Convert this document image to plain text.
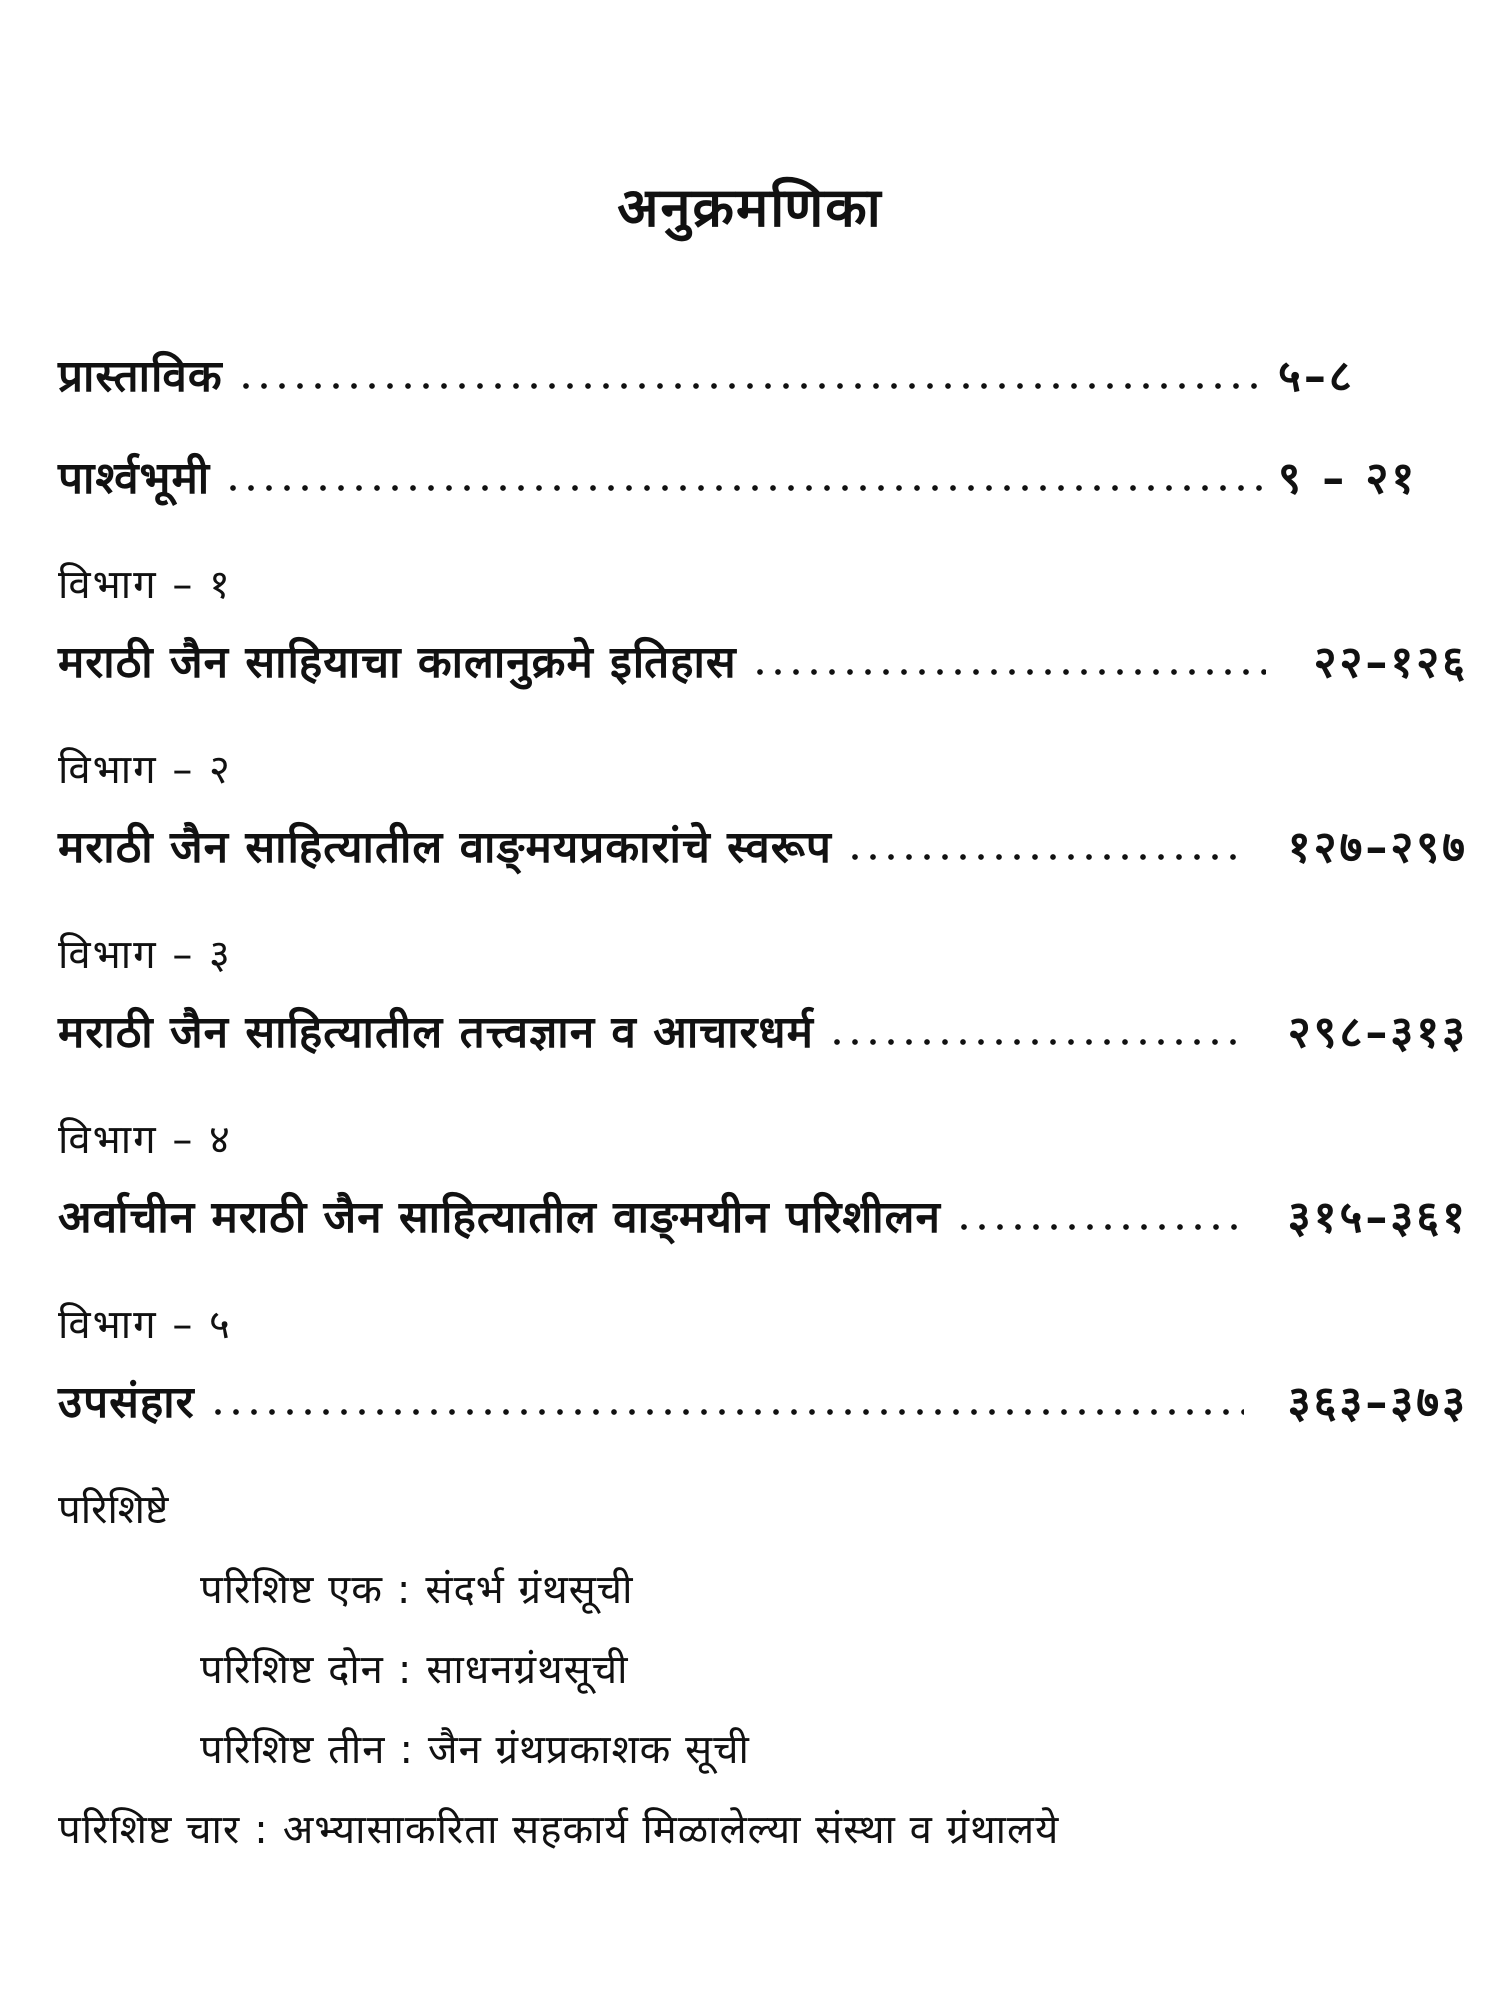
अनुक्रमणिका
प्रास्ताविक	५–८
पार्श्वभूमी	९ – २१
विभाग – १
मराठी जैन साहियाचा कालानुक्रमे इतिहास	२२–१२६
विभाग – २
मराठी जैन साहित्यातील वाङ्‌मयप्रकारांचे स्वरूप	१२७–२९७
विभाग – ३
मराठी जैन साहित्यातील तत्त्वज्ञान व आचारधर्म	२९८–३१३
विभाग – ४
अर्वाचीन मराठी जैन साहित्यातील वाङ्‌मयीन परिशीलन	३१५–३६१
विभाग – ५
उपसंहार	३६३–३७३
परिशिष्टे
परिशिष्ट एक : संदर्भ ग्रंथसूची
परिशिष्ट दोन : साधनग्रंथसूची
परिशिष्ट तीन : जैन ग्रंथप्रकाशक सूची
परिशिष्ट चार : अभ्यासाकरिता सहकार्य मिळालेल्या संस्था व ग्रंथालये
